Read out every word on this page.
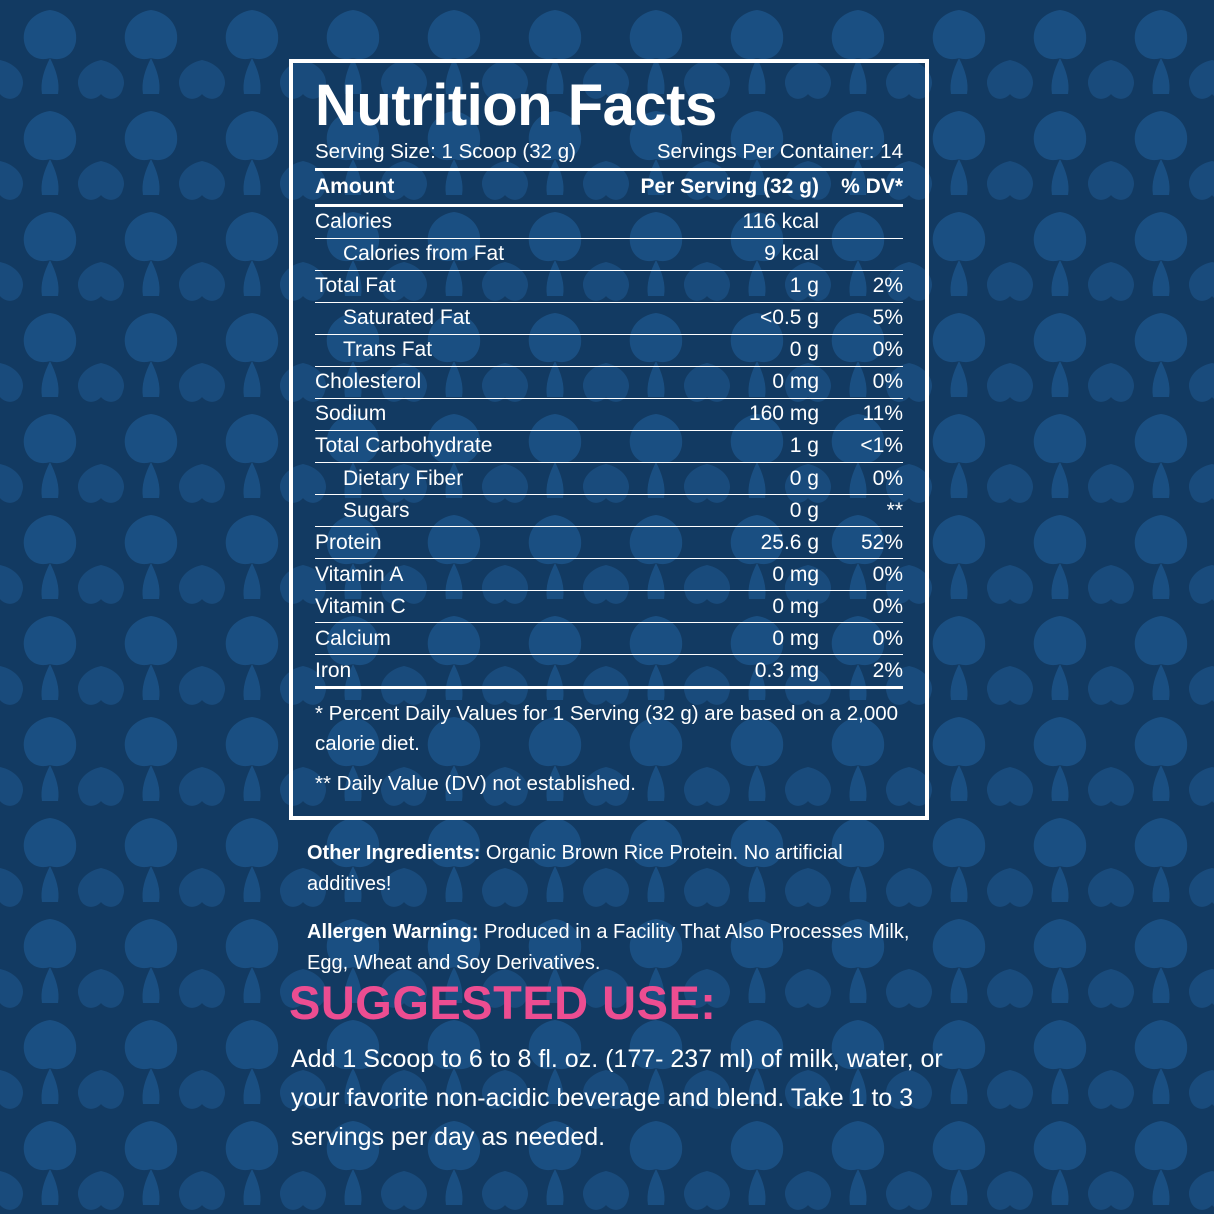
Nutrition Facts
Serving Size: 1 Scoop (32 g)	Servings Per Container: 14
Amount	Per Serving (32 g)	% DV*
Calories	116 kcal
Calories from Fat	9 kcal
Total Fat	1 g	2%
Saturated Fat	<0.5 g	5%
Trans Fat	0 g	0%
Cholesterol	0 mg	0%
Sodium	160 mg	11%
Total Carbohydrate	1 g	<1%
Dietary Fiber	0 g	0%
Sugars	0 g	**
Protein	25.6 g	52%
Vitamin A	0 mg	0%
Vitamin C	0 mg	0%
Calcium	0 mg	0%
Iron	0.3 mg	2%

* Percent Daily Values for 1 Serving (32 g) are based on a 2,000 calorie diet.

** Daily Value (DV) not established.

Other Ingredients: Organic Brown Rice Protein. No artificial additives!

Allergen Warning: Produced in a Facility That Also Processes Milk, Egg, Wheat and Soy Derivatives.

SUGGESTED USE:
Add 1 Scoop to 6 to 8 fl. oz. (177- 237 ml) of milk, water, or your favorite non-acidic beverage and blend. Take 1 to 3 servings per day as needed.
